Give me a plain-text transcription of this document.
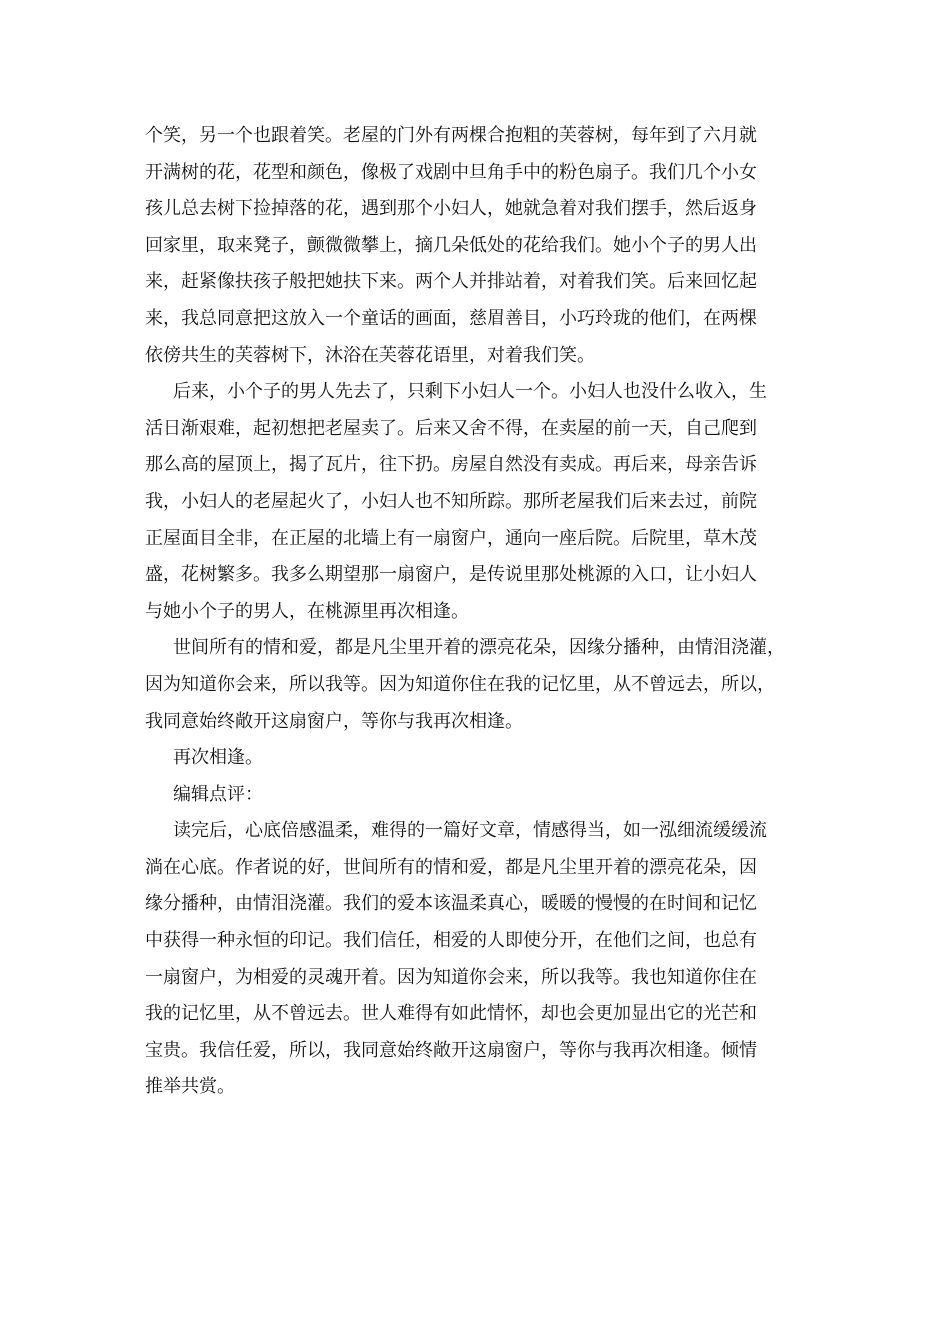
个笑，另一个也跟着笑。老屋的门外有两棵合抱粗的芙蓉树，每年到了六月就
开满树的花，花型和颜色，像极了戏剧中旦角手中的粉色扇子。我们几个小女
孩儿总去树下捡掉落的花，遇到那个小妇人，她就急着对我们摆手，然后返身
回家里，取来凳子，颤微微攀上，摘几朵低处的花给我们。她小个子的男人出
来，赶紧像扶孩子般把她扶下来。两个人并排站着，对着我们笑。后来回忆起
来，我总同意把这放入一个童话的画面，慈眉善目，小巧玲珑的他们，在两棵
依傍共生的芙蓉树下，沐浴在芙蓉花语里，对着我们笑。
后来，小个子的男人先去了，只剩下小妇人一个。小妇人也没什么收入，生
活日渐艰难，起初想把老屋卖了。后来又舍不得，在卖屋的前一天，自己爬到
那么高的屋顶上，揭了瓦片，往下扔。房屋自然没有卖成。再后来，母亲告诉
我，小妇人的老屋起火了，小妇人也不知所踪。那所老屋我们后来去过，前院
正屋面目全非，在正屋的北墙上有一扇窗户，通向一座后院。后院里，草木茂
盛，花树繁多。我多么期望那一扇窗户，是传说里那处桃源的入口，让小妇人
与她小个子的男人，在桃源里再次相逢。
世间所有的情和爱，都是凡尘里开着的漂亮花朵，因缘分播种，由情泪浇灌，
因为知道你会来，所以我等。因为知道你住在我的记忆里，从不曾远去，所以，
我同意始终敞开这扇窗户，等你与我再次相逢。
再次相逢。
编辑点评：
读完后，心底倍感温柔，难得的一篇好文章，情感得当，如一泓细流缓缓流
淌在心底。作者说的好，世间所有的情和爱，都是凡尘里开着的漂亮花朵，因
缘分播种，由情泪浇灌。我们的爱本该温柔真心，暖暖的慢慢的在时间和记忆
中获得一种永恒的印记。我们信任，相爱的人即使分开，在他们之间，也总有
一扇窗户，为相爱的灵魂开着。因为知道你会来，所以我等。我也知道你住在
我的记忆里，从不曾远去。世人难得有如此情怀，却也会更加显出它的光芒和
宝贵。我信任爱，所以，我同意始终敞开这扇窗户，等你与我再次相逢。倾情
推举共赏。
